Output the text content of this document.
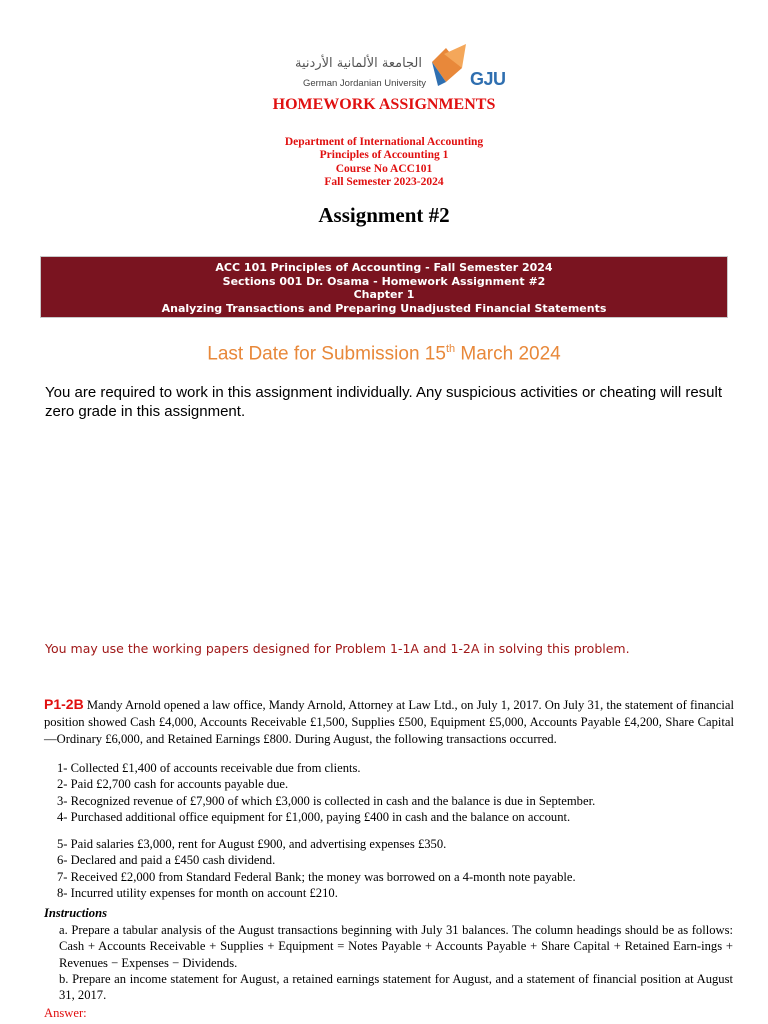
الجامعة الألمانية الأردنية
German Jordanian University GJU
HOMEWORK ASSIGNMENTS
Department of International Accounting
Principles of Accounting 1
Course No ACC101
Fall Semester 2023-2024
Assignment #2
ACC 101 Principles of Accounting - Fall Semester 2024
Sections 001 Dr. Osama - Homework Assignment #2
Chapter 1
Analyzing Transactions and Preparing Unadjusted Financial Statements
Last Date for Submission 15th March 2024
You are required to work in this assignment individually. Any suspicious activities or cheating will result zero grade in this assignment.
You may use the working papers designed for Problem 1-1A and 1-2A in solving this problem.
P1-2B Mandy Arnold opened a law office, Mandy Arnold, Attorney at Law Ltd., on July 1, 2017. On July 31, the statement of financial position showed Cash £4,000, Accounts Receivable £1,500, Supplies £500, Equipment £5,000, Accounts Payable £4,200, Share Capital—Ordinary £6,000, and Retained Earnings £800. During August, the following transactions occurred.
1- Collected £1,400 of accounts receivable due from clients.
2- Paid £2,700 cash for accounts payable due.
3- Recognized revenue of £7,900 of which £3,000 is collected in cash and the balance is due in September.
4- Purchased additional office equipment for £1,000, paying £400 in cash and the balance on account.
5- Paid salaries £3,000, rent for August £900, and advertising expenses £350.
6- Declared and paid a £450 cash dividend.
7- Received £2,000 from Standard Federal Bank; the money was borrowed on a 4-month note payable.
8- Incurred utility expenses for month on account £210.
Instructions
a. Prepare a tabular analysis of the August transactions beginning with July 31 balances. The column headings should be as follows: Cash + Accounts Receivable + Supplies + Equipment = Notes Payable + Accounts Payable + Share Capital + Retained Earn-ings + Revenues − Expenses − Dividends.
b. Prepare an income statement for August, a retained earnings statement for August, and a statement of financial position at August 31, 2017.
Answer:
